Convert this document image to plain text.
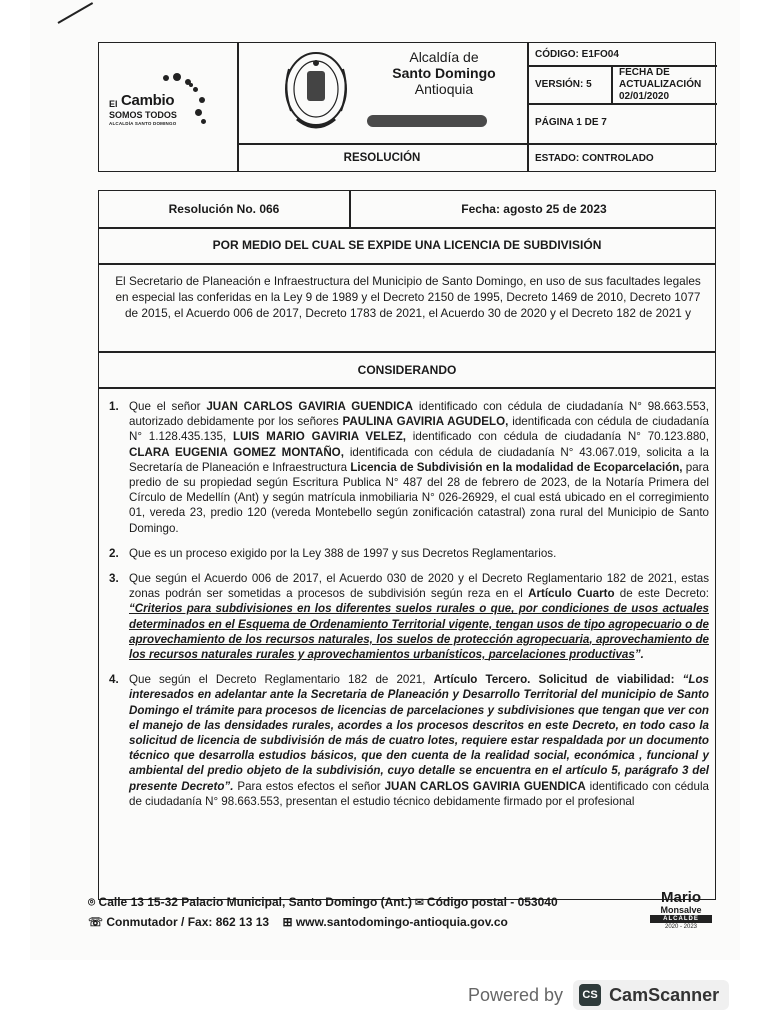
El Cambio
SOMOS TODOS
ALCALDÍA SANTO DOMINGO
Alcaldía de
Santo Domingo
Antioquia
CÓDIGO: E1FO04
VERSIÓN: 5
FECHA DE
ACTUALIZACIÓN
02/01/2020
PÁGINA 1 DE 7
RESOLUCIÓN	ESTADO: CONTROLADO
Resolución No. 066	Fecha: agosto 25 de 2023
POR MEDIO DEL CUAL SE EXPIDE UNA LICENCIA DE SUBDIVISIÓN
El Secretario de Planeación e Infraestructura del Municipio de Santo Domingo, en uso de sus facultades legales en especial las conferidas en la Ley 9 de 1989 y el Decreto 2150 de 1995, Decreto 1469 de 2010, Decreto 1077 de 2015, el Acuerdo 006 de 2017, Decreto 1783 de 2021, el Acuerdo 30 de 2020 y el Decreto 182 de 2021 y
CONSIDERANDO
1. Que el señor JUAN CARLOS GAVIRIA GUENDICA identificado con cédula de ciudadanía N° 98.663.553, autorizado debidamente por los señores PAULINA GAVIRIA AGUDELO, identificada con cédula de ciudadanía N° 1.128.435.135, LUIS MARIO GAVIRIA VELEZ, identificado con cédula de ciudadanía N° 70.123.880, CLARA EUGENIA GOMEZ MONTAÑO, identificada con cédula de ciudadanía N° 43.067.019, solicita a la Secretaría de Planeación e Infraestructura Licencia de Subdivisión en la modalidad de Ecoparcelación, para predio de su propiedad según Escritura Publica N° 487 del 28 de febrero de 2023, de la Notaría Primera del Círculo de Medellín (Ant) y según matrícula inmobiliaria N° 026-26929, el cual está ubicado en el corregimiento 01, vereda 23, predio 120 (vereda Montebello según zonificación catastral) zona rural del Municipio de Santo Domingo.
2. Que es un proceso exigido por la Ley 388 de 1997 y sus Decretos Reglamentarios.
3. Que según el Acuerdo 006 de 2017, el Acuerdo 030 de 2020 y el Decreto Reglamentario 182 de 2021, estas zonas podrán ser sometidas a procesos de subdivisión según reza en el Artículo Cuarto de este Decreto: “Criterios para subdivisiones en los diferentes suelos rurales o que, por condiciones de usos actuales determinados en el Esquema de Ordenamiento Territorial vigente, tengan usos de tipo agropecuario o de aprovechamiento de los recursos naturales, los suelos de protección agropecuaria, aprovechamiento de los recursos naturales rurales y aprovechamientos urbanísticos, parcelaciones productivas”.
4. Que según el Decreto Reglamentario 182 de 2021, Artículo Tercero. Solicitud de viabilidad: “Los interesados en adelantar ante la Secretaria de Planeación y Desarrollo Territorial del municipio de Santo Domingo el trámite para procesos de licencias de parcelaciones y subdivisiones que tengan que ver con el manejo de las densidades rurales, acordes a los procesos descritos en este Decreto, en todo caso la solicitud de licencia de subdivisión de más de cuatro lotes, requiere estar respaldada por un documento técnico que desarrolla estudios básicos, que den cuenta de la realidad social, económica , funcional y ambiental del predio objeto de la subdivisión, cuyo detalle se encuentra en el artículo 5, parágrafo 3 del presente Decreto”. Para estos efectos el señor JUAN CARLOS GAVIRIA GUENDICA identificado con cédula de ciudadanía N° 98.663.553, presentan el estudio técnico debidamente firmado por el profesional
⌾ Calle 13 15-32 Palacio Municipal, Santo Domingo (Ant.) ✉ Código postal - 053040
☏ Conmutador / Fax: 862 13 13 ⊞ www.santodomingo-antioquia.gov.co
Mario
Monsalve
ALCALDE
2020 - 2023
Powered by	CS CamScanner
